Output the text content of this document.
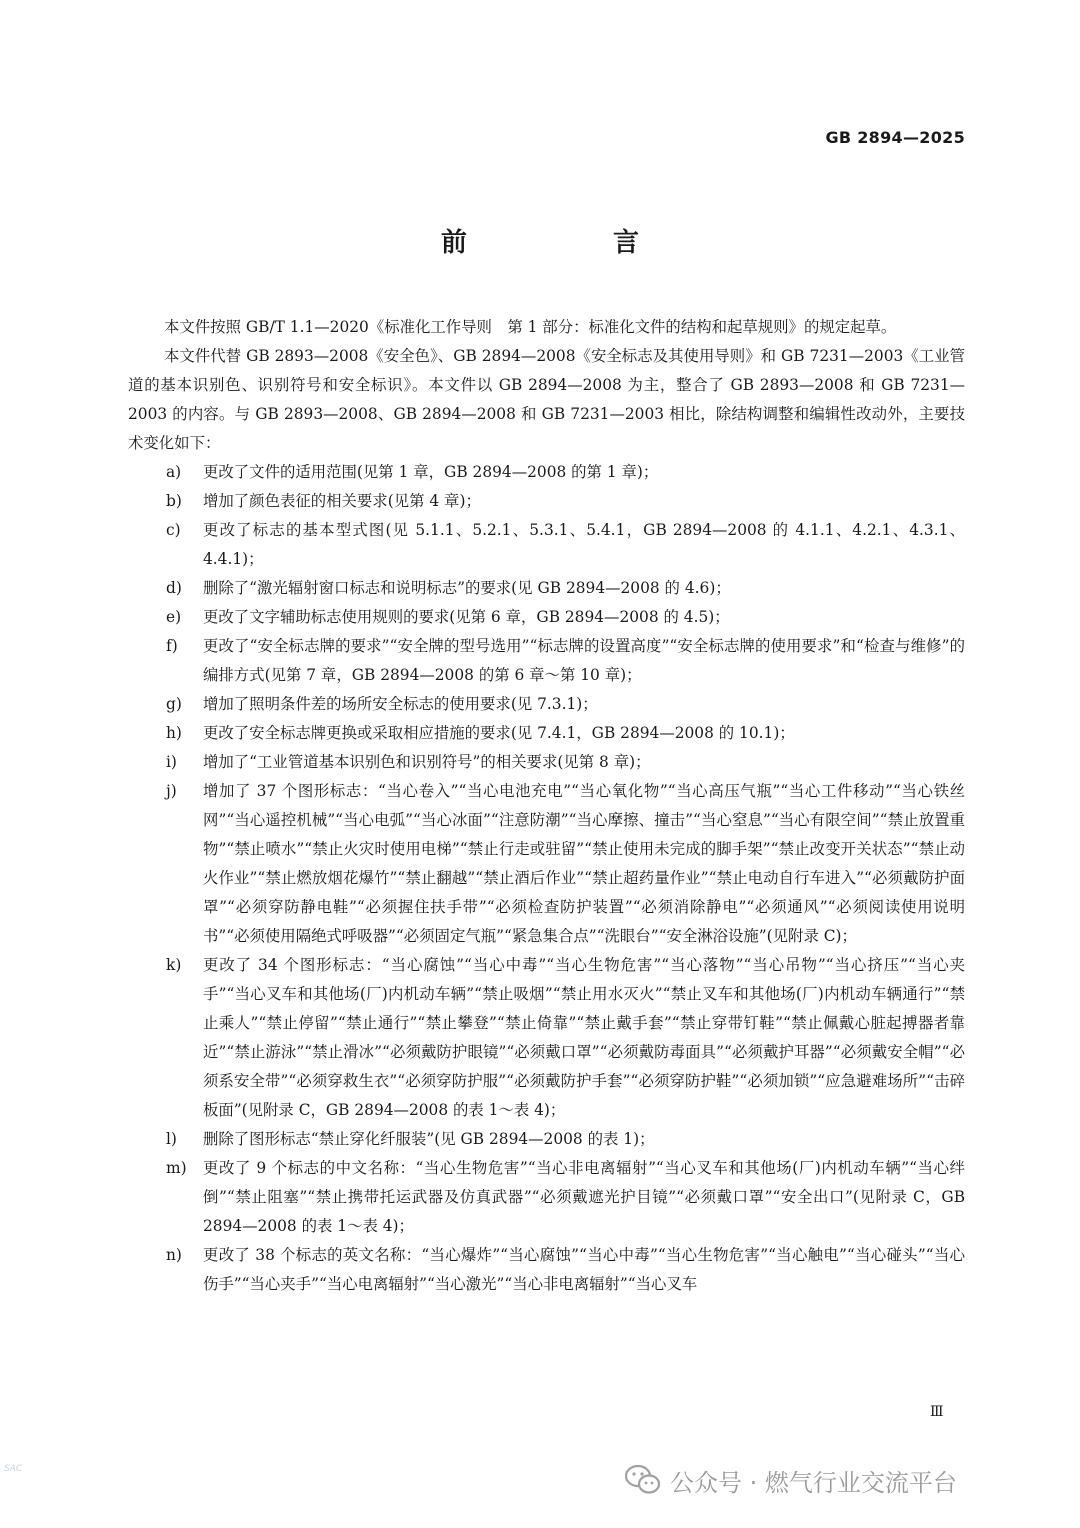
GB 2894—2025
前　言

本文件按照 GB/T 1.1—2020《标准化工作导则　第 1 部分：标准化文件的结构和起草规则》的规定起草。

本文件代替 GB 2893—2008《安全色》、GB 2894—2008《安全标志及其使用导则》和 GB 7231—2003《工业管道的基本识别色、识别符号和安全标识》。本文件以 GB 2894—2008 为主，整合了 GB 2893—2008 和 GB 7231—2003 的内容。与 GB 2893—2008、GB 2894—2008 和 GB 7231—2003 相比，除结构调整和编辑性改动外，主要技术变化如下：

a) 更改了文件的适用范围(见第 1 章，GB 2894—2008 的第 1 章)；
b) 增加了颜色表征的相关要求(见第 4 章)；
c) 更改了标志的基本型式图(见 5.1.1、5.2.1、5.3.1、5.4.1，GB 2894—2008 的 4.1.1、4.2.1、4.3.1、4.4.1)；
d) 删除了“激光辐射窗口标志和说明标志”的要求(见 GB 2894—2008 的 4.6)；
e) 更改了文字辅助标志使用规则的要求(见第 6 章，GB 2894—2008 的 4.5)；
f) 更改了“安全标志牌的要求”“安全牌的型号选用”“标志牌的设置高度”“安全标志牌的使用要求”和“检查与维修”的编排方式(见第 7 章，GB 2894—2008 的第 6 章～第 10 章)；
g) 增加了照明条件差的场所安全标志的使用要求(见 7.3.1)；
h) 更改了安全标志牌更换或采取相应措施的要求(见 7.4.1，GB 2894—2008 的 10.1)；
i) 增加了“工业管道基本识别色和识别符号”的相关要求(见第 8 章)；
j) 增加了 37 个图形标志：“当心卷入”“当心电池充电”“当心氧化物”“当心高压气瓶”“当心工件移动”“当心铁丝网”“当心遥控机械”“当心电弧”“当心冰面”“注意防潮”“当心摩擦、撞击”“当心窒息”“当心有限空间”“禁止放置重物”“禁止喷水”“禁止火灾时使用电梯”“禁止行走或驻留”“禁止使用未完成的脚手架”“禁止改变开关状态”“禁止动火作业”“禁止燃放烟花爆竹”“禁止翻越”“禁止酒后作业”“禁止超药量作业”“禁止电动自行车进入”“必须戴防护面罩”“必须穿防静电鞋”“必须握住扶手带”“必须检查防护装置”“必须消除静电”“必须通风”“必须阅读使用说明书”“必须使用隔绝式呼吸器”“必须固定气瓶”“紧急集合点”“洗眼台”“安全淋浴设施”(见附录 C)；
k) 更改了 34 个图形标志：“当心腐蚀”“当心中毒”“当心生物危害”“当心落物”“当心吊物”“当心挤压”“当心夹手”“当心叉车和其他场(厂)内机动车辆”“禁止吸烟”“禁止用水灭火”“禁止叉车和其他场(厂)内机动车辆通行”“禁止乘人”“禁止停留”“禁止通行”“禁止攀登”“禁止倚靠”“禁止戴手套”“禁止穿带钉鞋”“禁止佩戴心脏起搏器者靠近”“禁止游泳”“禁止滑冰”“必须戴防护眼镜”“必须戴口罩”“必须戴防毒面具”“必须戴护耳器”“必须戴安全帽”“必须系安全带”“必须穿救生衣”“必须穿防护服”“必须戴防护手套”“必须穿防护鞋”“必须加锁”“应急避难场所”“击碎板面”(见附录 C，GB 2894—2008 的表 1～表 4)；
l) 删除了图形标志“禁止穿化纤服装”(见 GB 2894—2008 的表 1)；
m) 更改了 9 个标志的中文名称：“当心生物危害”“当心非电离辐射”“当心叉车和其他场(厂)内机动车辆”“当心绊倒”“禁止阻塞”“禁止携带托运武器及仿真武器”“必须戴遮光护目镜”“必须戴口罩”“安全出口”(见附录 C，GB 2894—2008 的表 1～表 4)；
n) 更改了 38 个标志的英文名称：“当心爆炸”“当心腐蚀”“当心中毒”“当心生物危害”“当心触电”“当心碰头”“当心伤手”“当心夹手”“当心电离辐射”“当心激光”“当心非电离辐射”“当心叉车
Ⅲ
SAC	公众号 · 燃气行业交流平台
